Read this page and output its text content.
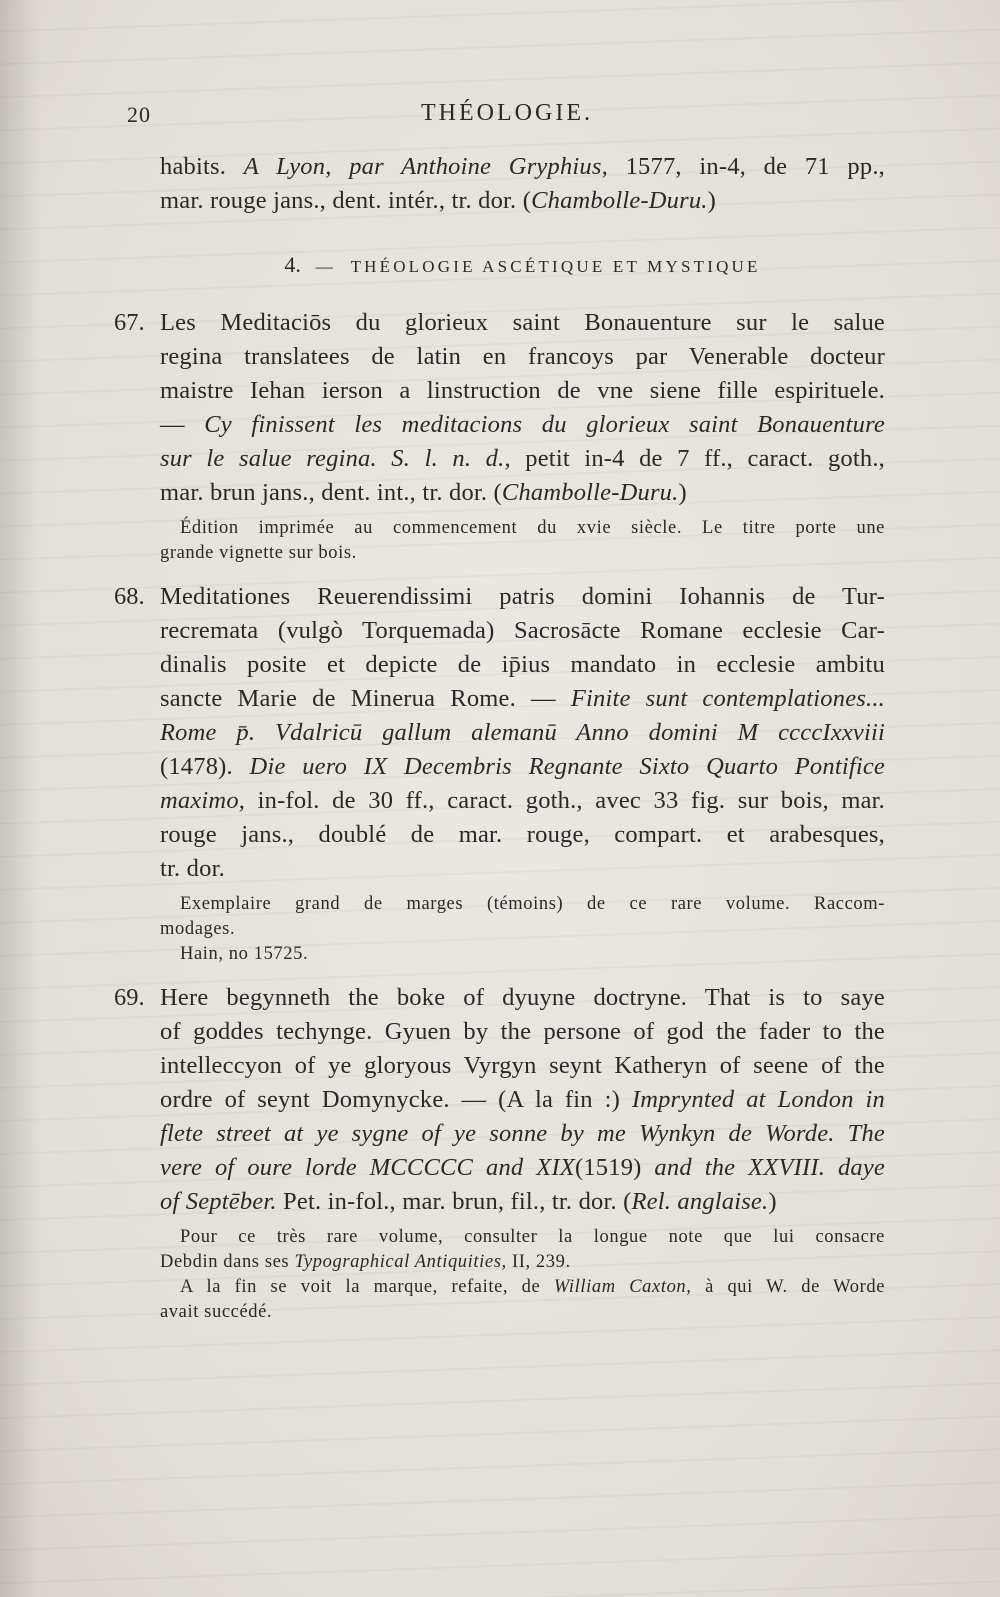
20	THÉOLOGIE.
habits. A Lyon, par Anthoine Gryphius, 1577, in-4, de 71 pp.,
mar. rouge jans., dent. intér., tr. dor. (Chambolle-Duru.)
4. — THÉOLOGIE ASCÉTIQUE ET MYSTIQUE
67. Les Meditaciōs du glorieux saint Bonauenture sur le salue
regina translatees de latin en francoys par Venerable docteur
maistre Iehan ierson a linstruction de vne siene fille espirituele.
— Cy finissent les meditacions du glorieux saint Bonauenture
sur le salue regina. S. l. n. d., petit in-4 de 7 ff., caract. goth.,
mar. brun jans., dent. int., tr. dor. (Chambolle-Duru.)
Édition imprimée au commencement du xvie siècle. Le titre porte une
grande vignette sur bois.
68. Meditationes Reuerendissimi patris domini Iohannis de Tur-
recremata (vulgò Torquemada) Sacrosācte Romane ecclesie Car-
dinalis posite et depicte de ip̄ius mandato in ecclesie ambitu
sancte Marie de Minerua Rome. — Finite sunt contemplationes...
Rome p̄. Vdalricū gallum alemanū Anno domini M ccccIxxviii
(1478). Die uero IX Decembris Regnante Sixto Quarto Pontifice
maximo, in-fol. de 30 ff., caract. goth., avec 33 fig. sur bois, mar.
rouge jans., doublé de mar. rouge, compart. et arabesques,
tr. dor.
Exemplaire grand de marges (témoins) de ce rare volume. Raccom-
modages.
Hain, no 15725.
69. Here begynneth the boke of dyuyne doctryne. That is to saye
of goddes techynge. Gyuen by the persone of god the fader to the
intelleccyon of ye gloryous Vyrgyn seynt Katheryn of seene of the
ordre of seynt Domynycke. — (A la fin :) Imprynted at London in
flete street at ye sygne of ye sonne by me Wynkyn de Worde. The
vere of oure lorde MCCCCC and XIX(1519) and the XXVIII. daye
of Septēber. Pet. in-fol., mar. brun, fil., tr. dor. (Rel. anglaise.)
Pour ce très rare volume, consulter la longue note que lui consacre
Debdin dans ses Typographical Antiquities, II, 239.
A la fin se voit la marque, refaite, de William Caxton, à qui W. de Worde
avait succédé.
